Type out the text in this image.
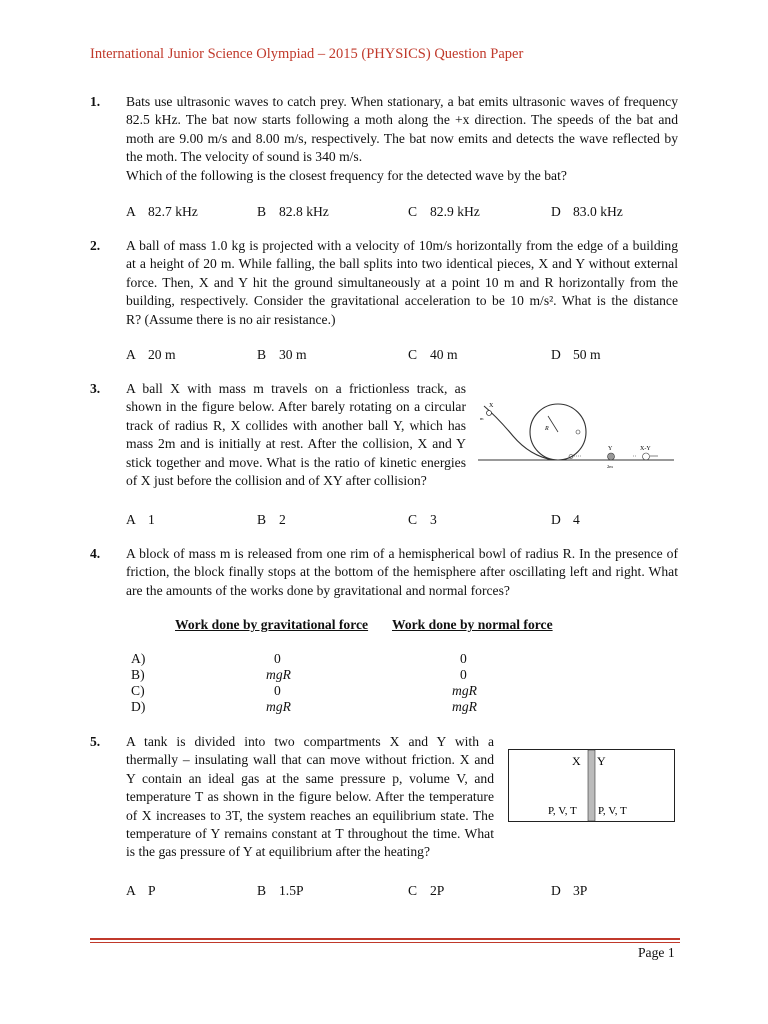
International Junior Science Olympiad – 2015 (PHYSICS) Question Paper
1. Bats use ultrasonic waves to catch prey. When stationary, a bat emits ultrasonic waves of frequency
82.5 kHz. The bat now starts following a moth along the +x direction. The speeds of the bat and
moth are 9.00 m/s and 8.00 m/s, respectively. The bat now emits and detects the wave reflected by
the moth. The velocity of sound is 340 m/s.
Which of the following is the closest frequency for the detected wave by the bat?
A 82.7 kHz	B 82.8 kHz	C 82.9 kHz	D 83.0 kHz
2. A ball of mass 1.0 kg is projected with a velocity of 10m/s horizontally from the edge of a building
at a height of 20 m. While falling, the ball splits into two identical pieces, X and Y without external
force. Then, X and Y hit the ground simultaneously at a point 10 m and R horizontally from the
building, respectively. Consider the gravitational acceleration to be 10 m/s². What is the distance
R? (Assume there is no air resistance.)
A 20 m	B 30 m	C 40 m	D 50 m
3. A ball X with mass m travels on a frictionless track, as
shown in the figure below. After barely rotating on a circular
track of radius R, X collides with another ball Y, which has
mass 2m and is initially at rest. After the collision, X and Y
stick together and move. What is the ratio of kinetic energies
of X just before the collision and of XY after collision?
R
X
m
Y
2m
X-Y
A 1	B 2	C 3	D 4
4. A block of mass m is released from one rim of a hemispherical bowl of radius R. In the presence of
friction, the block finally stops at the bottom of the hemisphere after oscillating left and right. What
are the amounts of the works done by gravitational and normal forces?
Work done by gravitational force Work done by normal force
A)	0	0
B)	mgR	0
C)	0	mgR
D)	mgR	mgR
5. A tank is divided into two compartments X and Y with a
thermally – insulating wall that can move without friction. X and
Y contain an ideal gas at the same pressure p, volume V, and
temperature T as shown in the figure below. After the temperature
of X increases to 3T, the system reaches an equilibrium state. The
temperature of Y remains constant at T throughout the time. What
is the gas pressure of Y at equilibrium after the heating?
X Y
P, V, T P, V, T
A P	B 1.5P	C 2P	D 3P
Page 1
